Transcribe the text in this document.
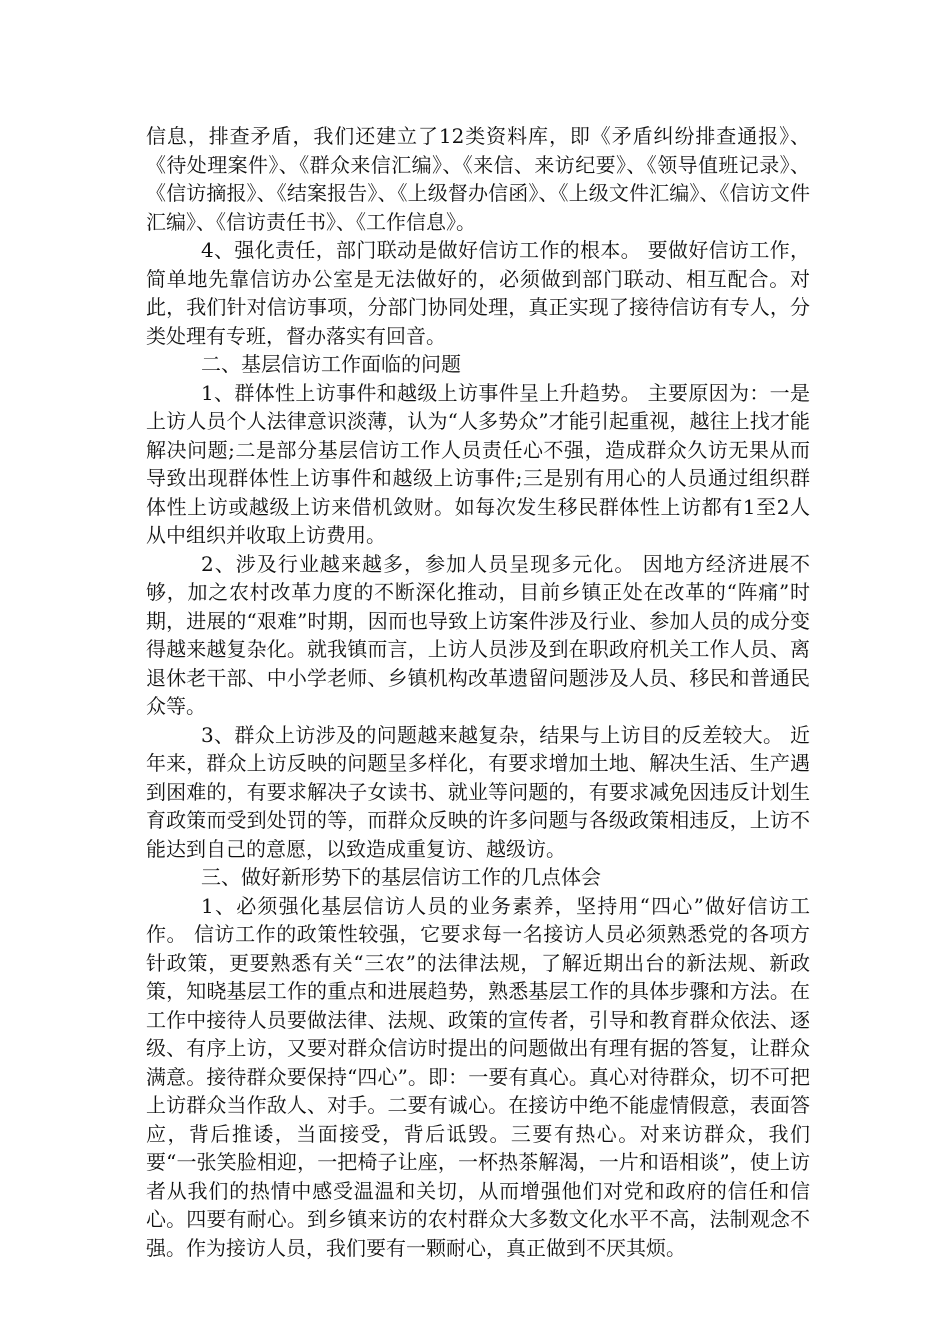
信息，排查矛盾，我们还建立了12类资料库，即《矛盾纠纷排查通报》、《待处理案件》、《群众来信汇编》、《来信、来访纪要》、《领导值班记录》、《信访摘报》、《结案报告》、《上级督办信函》、《上级文件汇编》、《信访文件汇编》、《信访责任书》、《工作信息》。

4、强化责任，部门联动是做好信访工作的根本。 要做好信访工作，简单地先靠信访办公室是无法做好的，必须做到部门联动、相互配合。对此，我们针对信访事项，分部门协同处理，真正实现了接待信访有专人，分类处理有专班，督办落实有回音。

二、基层信访工作面临的问题

1、群体性上访事件和越级上访事件呈上升趋势。 主要原因为：一是上访人员个人法律意识淡薄，认为“人多势众”才能引起重视，越往上找才能解决问题;二是部分基层信访工作人员责任心不强，造成群众久访无果从而导致出现群体性上访事件和越级上访事件;三是别有用心的人员通过组织群体性上访或越级上访来借机敛财。如每次发生移民群体性上访都有1至2人从中组织并收取上访费用。

2、涉及行业越来越多，参加人员呈现多元化。 因地方经济进展不够，加之农村改革力度的不断深化推动，目前乡镇正处在改革的“阵痛”时期，进展的“艰难”时期，因而也导致上访案件涉及行业、参加人员的成分变得越来越复杂化。就我镇而言，上访人员涉及到在职政府机关工作人员、离退休老干部、中小学老师、乡镇机构改革遗留问题涉及人员、移民和普通民众等。

3、群众上访涉及的问题越来越复杂，结果与上访目的反差较大。 近年来，群众上访反映的问题呈多样化，有要求增加土地、解决生活、生产遇到困难的，有要求解决子女读书、就业等问题的，有要求减免因违反计划生育政策而受到处罚的等，而群众反映的许多问题与各级政策相违反，上访不能达到自己的意愿，以致造成重复访、越级访。

三、做好新形势下的基层信访工作的几点体会

1、必须强化基层信访人员的业务素养，坚持用“四心”做好信访工作。 信访工作的政策性较强，它要求每一名接访人员必须熟悉党的各项方针政策，更要熟悉有关“三农”的法律法规，了解近期出台的新法规、新政策，知晓基层工作的重点和进展趋势，熟悉基层工作的具体步骤和方法。在工作中接待人员要做法律、法规、政策的宣传者，引导和教育群众依法、逐级、有序上访，又要对群众信访时提出的问题做出有理有据的答复，让群众满意。接待群众要保持“四心”。即：一要有真心。真心对待群众，切不可把上访群众当作敌人、对手。二要有诚心。在接访中绝不能虚情假意，表面答应，背后推诿，当面接受，背后诋毁。三要有热心。对来访群众，我们要“一张笑脸相迎，一把椅子让座，一杯热茶解渴，一片和语相谈”，使上访者从我们的热情中感受温温和关切，从而增强他们对党和政府的信任和信心。四要有耐心。到乡镇来访的农村群众大多数文化水平不高，法制观念不强。作为接访人员，我们要有一颗耐心，真正做到不厌其烦。
